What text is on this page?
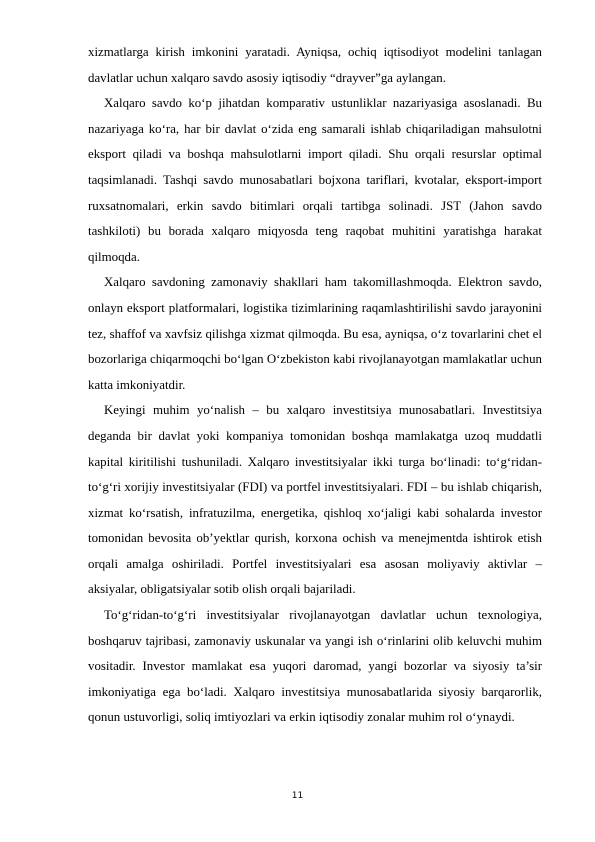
xizmatlarga kirish imkonini yaratadi. Ayniqsa, ochiq iqtisodiyot modelini tanlagan davlatlar uchun xalqaro savdo asosiy iqtisodiy “drayver”ga aylangan.

Xalqaro savdo ko‘p jihatdan komparativ ustunliklar nazariyasiga asoslanadi. Bu nazariyaga ko‘ra, har bir davlat o‘zida eng samarali ishlab chiqariladigan mahsulotni eksport qiladi va boshqa mahsulotlarni import qiladi. Shu orqali resurslar optimal taqsimlanadi. Tashqi savdo munosabatlari bojxona tariflari, kvotalar, eksport-import ruxsatnomalari, erkin savdo bitimlari orqali tartibga solinadi. JST (Jahon savdo tashkiloti) bu borada xalqaro miqyosda teng raqobat muhitini yaratishga harakat qilmoqda.

Xalqaro savdoning zamonaviy shakllari ham takomillashmoqda. Elektron savdo, onlayn eksport platformalari, logistika tizimlarining raqamlashtirilishi savdo jarayonini tez, shaffof va xavfsiz qilishga xizmat qilmoqda. Bu esa, ayniqsa, o‘z tovarlarini chet el bozorlariga chiqarmoqchi bo‘lgan O‘zbekiston kabi rivojlanayotgan mamlakatlar uchun katta imkoniyatdir.

Keyingi muhim yo‘nalish – bu xalqaro investitsiya munosabatlari. Investitsiya deganda bir davlat yoki kompaniya tomonidan boshqa mamlakatga uzoq muddatli kapital kiritilishi tushuniladi. Xalqaro investitsiyalar ikki turga bo‘linadi: to‘g‘ridan-to‘g‘ri xorijiy investitsiyalar (FDI) va portfel investitsiyalari. FDI – bu ishlab chiqarish, xizmat ko‘rsatish, infratuzilma, energetika, qishloq xo‘jaligi kabi sohalarda investor tomonidan bevosita ob’yektlar qurish, korxona ochish va menejmentda ishtirok etish orqali amalga oshiriladi. Portfel investitsiyalari esa asosan moliyaviy aktivlar – aksiyalar, obligatsiyalar sotib olish orqali bajariladi.

To‘g‘ridan-to‘g‘ri investitsiyalar rivojlanayotgan davlatlar uchun texnologiya, boshqaruv tajribasi, zamonaviy uskunalar va yangi ish o‘rinlarini olib keluvchi muhim vositadir. Investor mamlakat esa yuqori daromad, yangi bozorlar va siyosiy ta’sir imkoniyatiga ega bo‘ladi. Xalqaro investitsiya munosabatlarida siyosiy barqarorlik, qonun ustuvorligi, soliq imtiyozlari va erkin iqtisodiy zonalar muhim rol o‘ynaydi.

11
